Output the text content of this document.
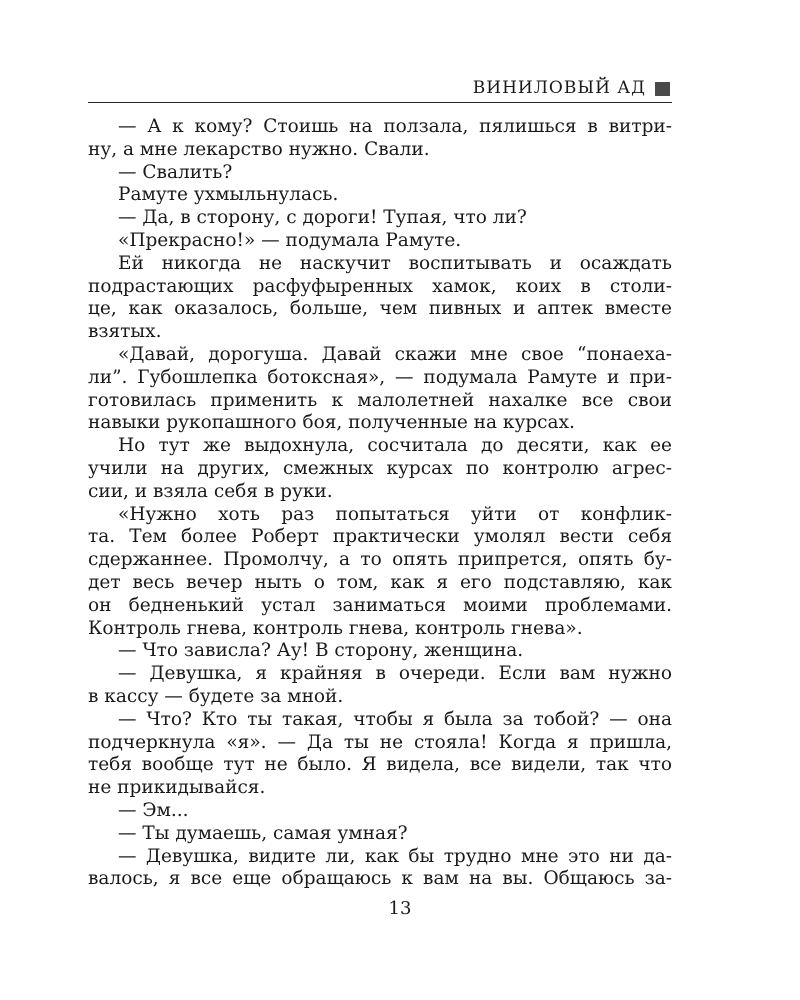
ВИНИЛОВЫЙ АД
— А к кому? Стоишь на ползала, пялишься в витри-
ну, а мне лекарство нужно. Свали.
— Свалить?
Рамуте ухмыльнулась.
— Да, в сторону, с дороги! Тупая, что ли?
«Прекрасно!» — подумала Рамуте.
Ей никогда не наскучит воспитывать и осаждать
подрастающих расфуфыренных хамок, коих в столи-
це, как оказалось, больше, чем пивных и аптек вместе
взятых.
«Давай, дорогуша. Давай скажи мне свое “понаеха-
ли”. Губошлепка ботоксная», — подумала Рамуте и при-
готовилась применить к малолетней нахалке все свои
навыки рукопашного боя, полученные на курсах.
Но тут же выдохнула, сосчитала до десяти, как ее
учили на других, смежных курсах по контролю агрес-
сии, и взяла себя в руки.
«Нужно хоть раз попытаться уйти от конфлик-
та. Тем более Роберт практически умолял вести себя
сдержаннее. Промолчу, а то опять припрется, опять бу-
дет весь вечер ныть о том, как я его подставляю, как
он бедненький устал заниматься моими проблемами.
Контроль гнева, контроль гнева, контроль гнева».
— Что зависла? Ау! В сторону, женщина.
— Девушка, я крайняя в очереди. Если вам нужно
в кассу — будете за мной.
— Что? Кто ты такая, чтобы я была за тобой? — она
подчеркнула «я». — Да ты не стояла! Когда я пришла,
тебя вообще тут не было. Я видела, все видели, так что
не прикидывайся.
— Эм...
— Ты думаешь, самая умная?
— Девушка, видите ли, как бы трудно мне это ни да-
валось, я все еще обращаюсь к вам на вы. Общаюсь за-
13
